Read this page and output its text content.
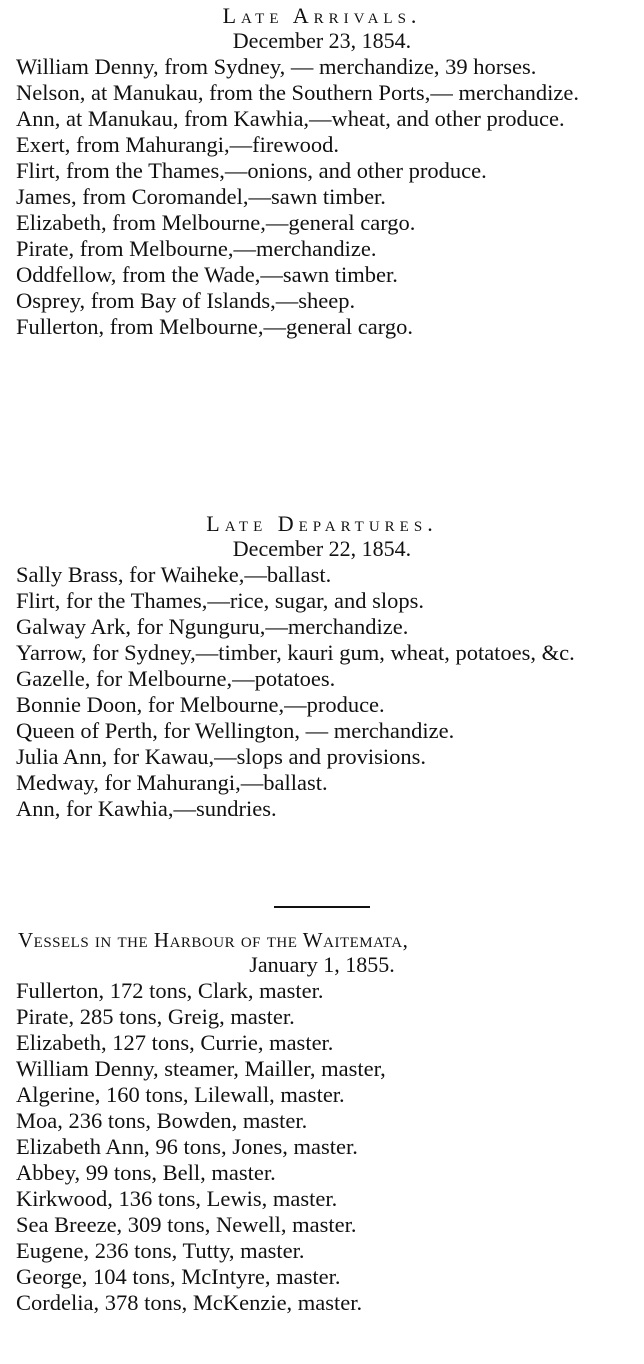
Late Arrivals.
December 23, 1854.
William Denny, from Sydney, — merchandize, 39 horses.
Nelson, at Manukau, from the Southern Ports,— merchandize.
Ann, at Manukau, from Kawhia,—wheat, and other produce.
Exert, from Mahurangi,—firewood.
Flirt, from the Thames,—onions, and other produce.
James, from Coromandel,—sawn timber.
Elizabeth, from Melbourne,—general cargo.
Pirate, from Melbourne,—merchandize.
Oddfellow, from the Wade,—sawn timber.
Osprey, from Bay of Islands,—sheep.
Fullerton, from Melbourne,—general cargo.
Late Departures.
December 22, 1854.
Sally Brass, for Waiheke,—ballast.
Flirt, for the Thames,—rice, sugar, and slops.
Galway Ark, for Ngunguru,—merchandize.
Yarrow, for Sydney,—timber, kauri gum, wheat, potatoes, &c.
Gazelle, for Melbourne,—potatoes.
Bonnie Doon, for Melbourne,—produce.
Queen of Perth, for Wellington, — merchandize.
Julia Ann, for Kawau,—slops and provisions.
Medway, for Mahurangi,—ballast.
Ann, for Kawhia,—sundries.
Vessels in the Harbour of the Waitemata,
January 1, 1855.
Fullerton, 172 tons, Clark, master.
Pirate, 285 tons, Greig, master.
Elizabeth, 127 tons, Currie, master.
William Denny, steamer, Mailler, master,
Algerine, 160 tons, Lilewall, master.
Moa, 236 tons, Bowden, master.
Elizabeth Ann, 96 tons, Jones, master.
Abbey, 99 tons, Bell, master.
Kirkwood, 136 tons, Lewis, master.
Sea Breeze, 309 tons, Newell, master.
Eugene, 236 tons, Tutty, master.
George, 104 tons, McIntyre, master.
Cordelia, 378 tons, McKenzie, master.
